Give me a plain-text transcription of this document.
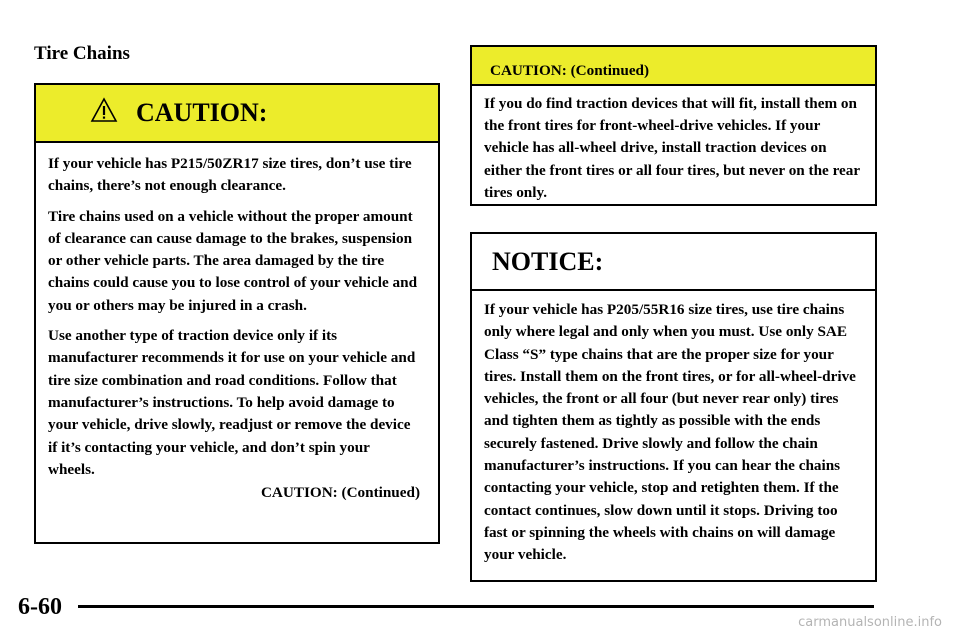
Tire Chains
CAUTION:

If your vehicle has P215/50ZR17 size tires, don’t use tire chains, there’s not enough clearance.

Tire chains used on a vehicle without the proper amount of clearance can cause damage to the brakes, suspension or other vehicle parts. The area damaged by the tire chains could cause you to lose control of your vehicle and you or others may be injured in a crash.

Use another type of traction device only if its manufacturer recommends it for use on your vehicle and tire size combination and road conditions. Follow that manufacturer’s instructions. To help avoid damage to your vehicle, drive slowly, readjust or remove the device if it’s contacting your vehicle, and don’t spin your wheels.

CAUTION: (Continued)
CAUTION: (Continued)

If you do find traction devices that will fit, install them on the front tires for front-wheel-drive vehicles. If your vehicle has all-wheel drive, install traction devices on either the front tires or all four tires, but never on the rear tires only.

NOTICE:

If your vehicle has P205/55R16 size tires, use tire chains only where legal and only when you must. Use only SAE Class “S” type chains that are the proper size for your tires. Install them on the front tires, or for all-wheel-drive vehicles, the front or all four (but never rear only) tires and tighten them as tightly as possible with the ends securely fastened. Drive slowly and follow the chain manufacturer’s instructions. If you can hear the chains contacting your vehicle, stop and retighten them. If the contact continues, slow down until it stops. Driving too fast or spinning the wheels with chains on will damage your vehicle.

6-60
carmanualsonline.info
